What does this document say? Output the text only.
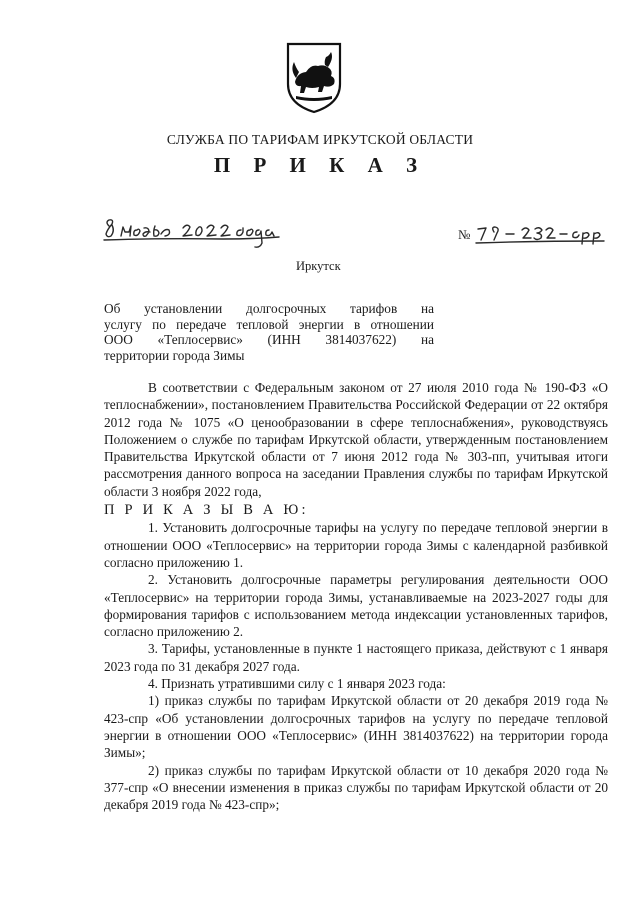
СЛУЖБА ПО ТАРИФАМ ИРКУТСКОЙ ОБЛАСТИ
П Р И К А З
№
Иркутск
Об установлении долгосрочных тарифов на
услугу по передаче тепловой энергии в отношении
ООО «Теплосервис» (ИНН 3814037622) на
территории города Зимы

В соответствии с Федеральным законом от 27 июля 2010 года № 190-ФЗ «О теплоснабжении», постановлением Правительства Российской Федерации от 22 октября 2012 года № 1075 «О ценообразовании в сфере теплоснабжения», руководствуясь Положением о службе по тарифам Иркутской области, утвержденным постановлением Правительства Иркутской области от 7 июня 2012 года № 303-пп, учитывая итоги рассмотрения данного вопроса на заседании Правления службы по тарифам Иркутской области 3 ноября 2022 года,

П Р И К А З Ы В А Ю:

1. Установить долгосрочные тарифы на услугу по передаче тепловой энергии в отношении ООО «Теплосервис» на территории города Зимы с календарной разбивкой согласно приложению 1.

2. Установить долгосрочные параметры регулирования деятельности ООО «Теплосервис» на территории города Зимы, устанавливаемые на 2023-2027 годы для формирования тарифов с использованием метода индексации установленных тарифов, согласно приложению 2.

3. Тарифы, установленные в пункте 1 настоящего приказа, действуют с 1 января 2023 года по 31 декабря 2027 года.

4. Признать утратившими силу с 1 января 2023 года:

1) приказ службы по тарифам Иркутской области от 20 декабря 2019 года № 423-спр «Об установлении долгосрочных тарифов на услугу по передаче тепловой энергии в отношении ООО «Теплосервис» (ИНН 3814037622) на территории города Зимы»;

2) приказ службы по тарифам Иркутской области от 10 декабря 2020 года № 377-спр «О внесении изменения в приказ службы по тарифам Иркутской области от 20 декабря 2019 года № 423-спр»;
